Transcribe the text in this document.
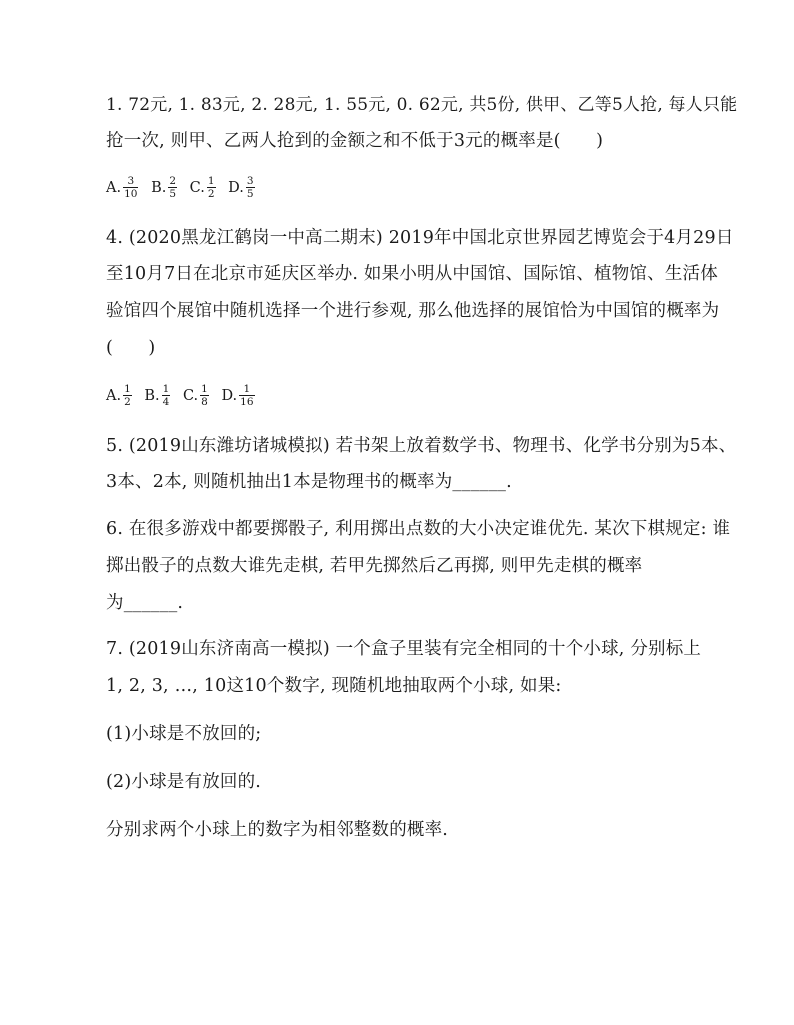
1. 72元, 1. 83元, 2. 28元, 1. 55元, 0. 62元, 共5份, 供甲、乙等5人抢, 每人只能
抢一次, 则甲、乙两人抢到的金额之和不低于3元的概率是(　　)
A. $\frac{3}{10}$
B. $\frac{2}{5}$
C. $\frac{1}{2}$
D. $\frac{3}{5}$
4. (2020黑龙江鹤岗一中高二期末) 2019年中国北京世界园艺博览会于4月29日
至10月7日在北京市延庆区举办. 如果小明从中国馆、国际馆、植物馆、生活体
验馆四个展馆中随机选择一个进行参观, 那么他选择的展馆恰为中国馆的概率为
(　　)
A. $\frac{1}{2}$
B. $\frac{1}{4}$
C. $\frac{1}{8}$
D. $\frac{1}{16}$
5. (2019山东潍坊诸城模拟) 若书架上放着数学书、物理书、化学书分别为5本、
3本、2本, 则随机抽出1本是物理书的概率为______.
6. 在很多游戏中都要掷骰子, 利用掷出点数的大小决定谁优先. 某次下棋规定: 谁
掷出骰子的点数大谁先走棋, 若甲先掷然后乙再掷, 则甲先走棋的概率
为______.
7. (2019山东济南高一模拟) 一个盒子里装有完全相同的十个小球, 分别标上
1, 2, 3, …, 10这10个数字, 现随机地抽取两个小球, 如果:
(1)小球是不放回的;
(2)小球是有放回的.
分别求两个小球上的数字为相邻整数的概率.
